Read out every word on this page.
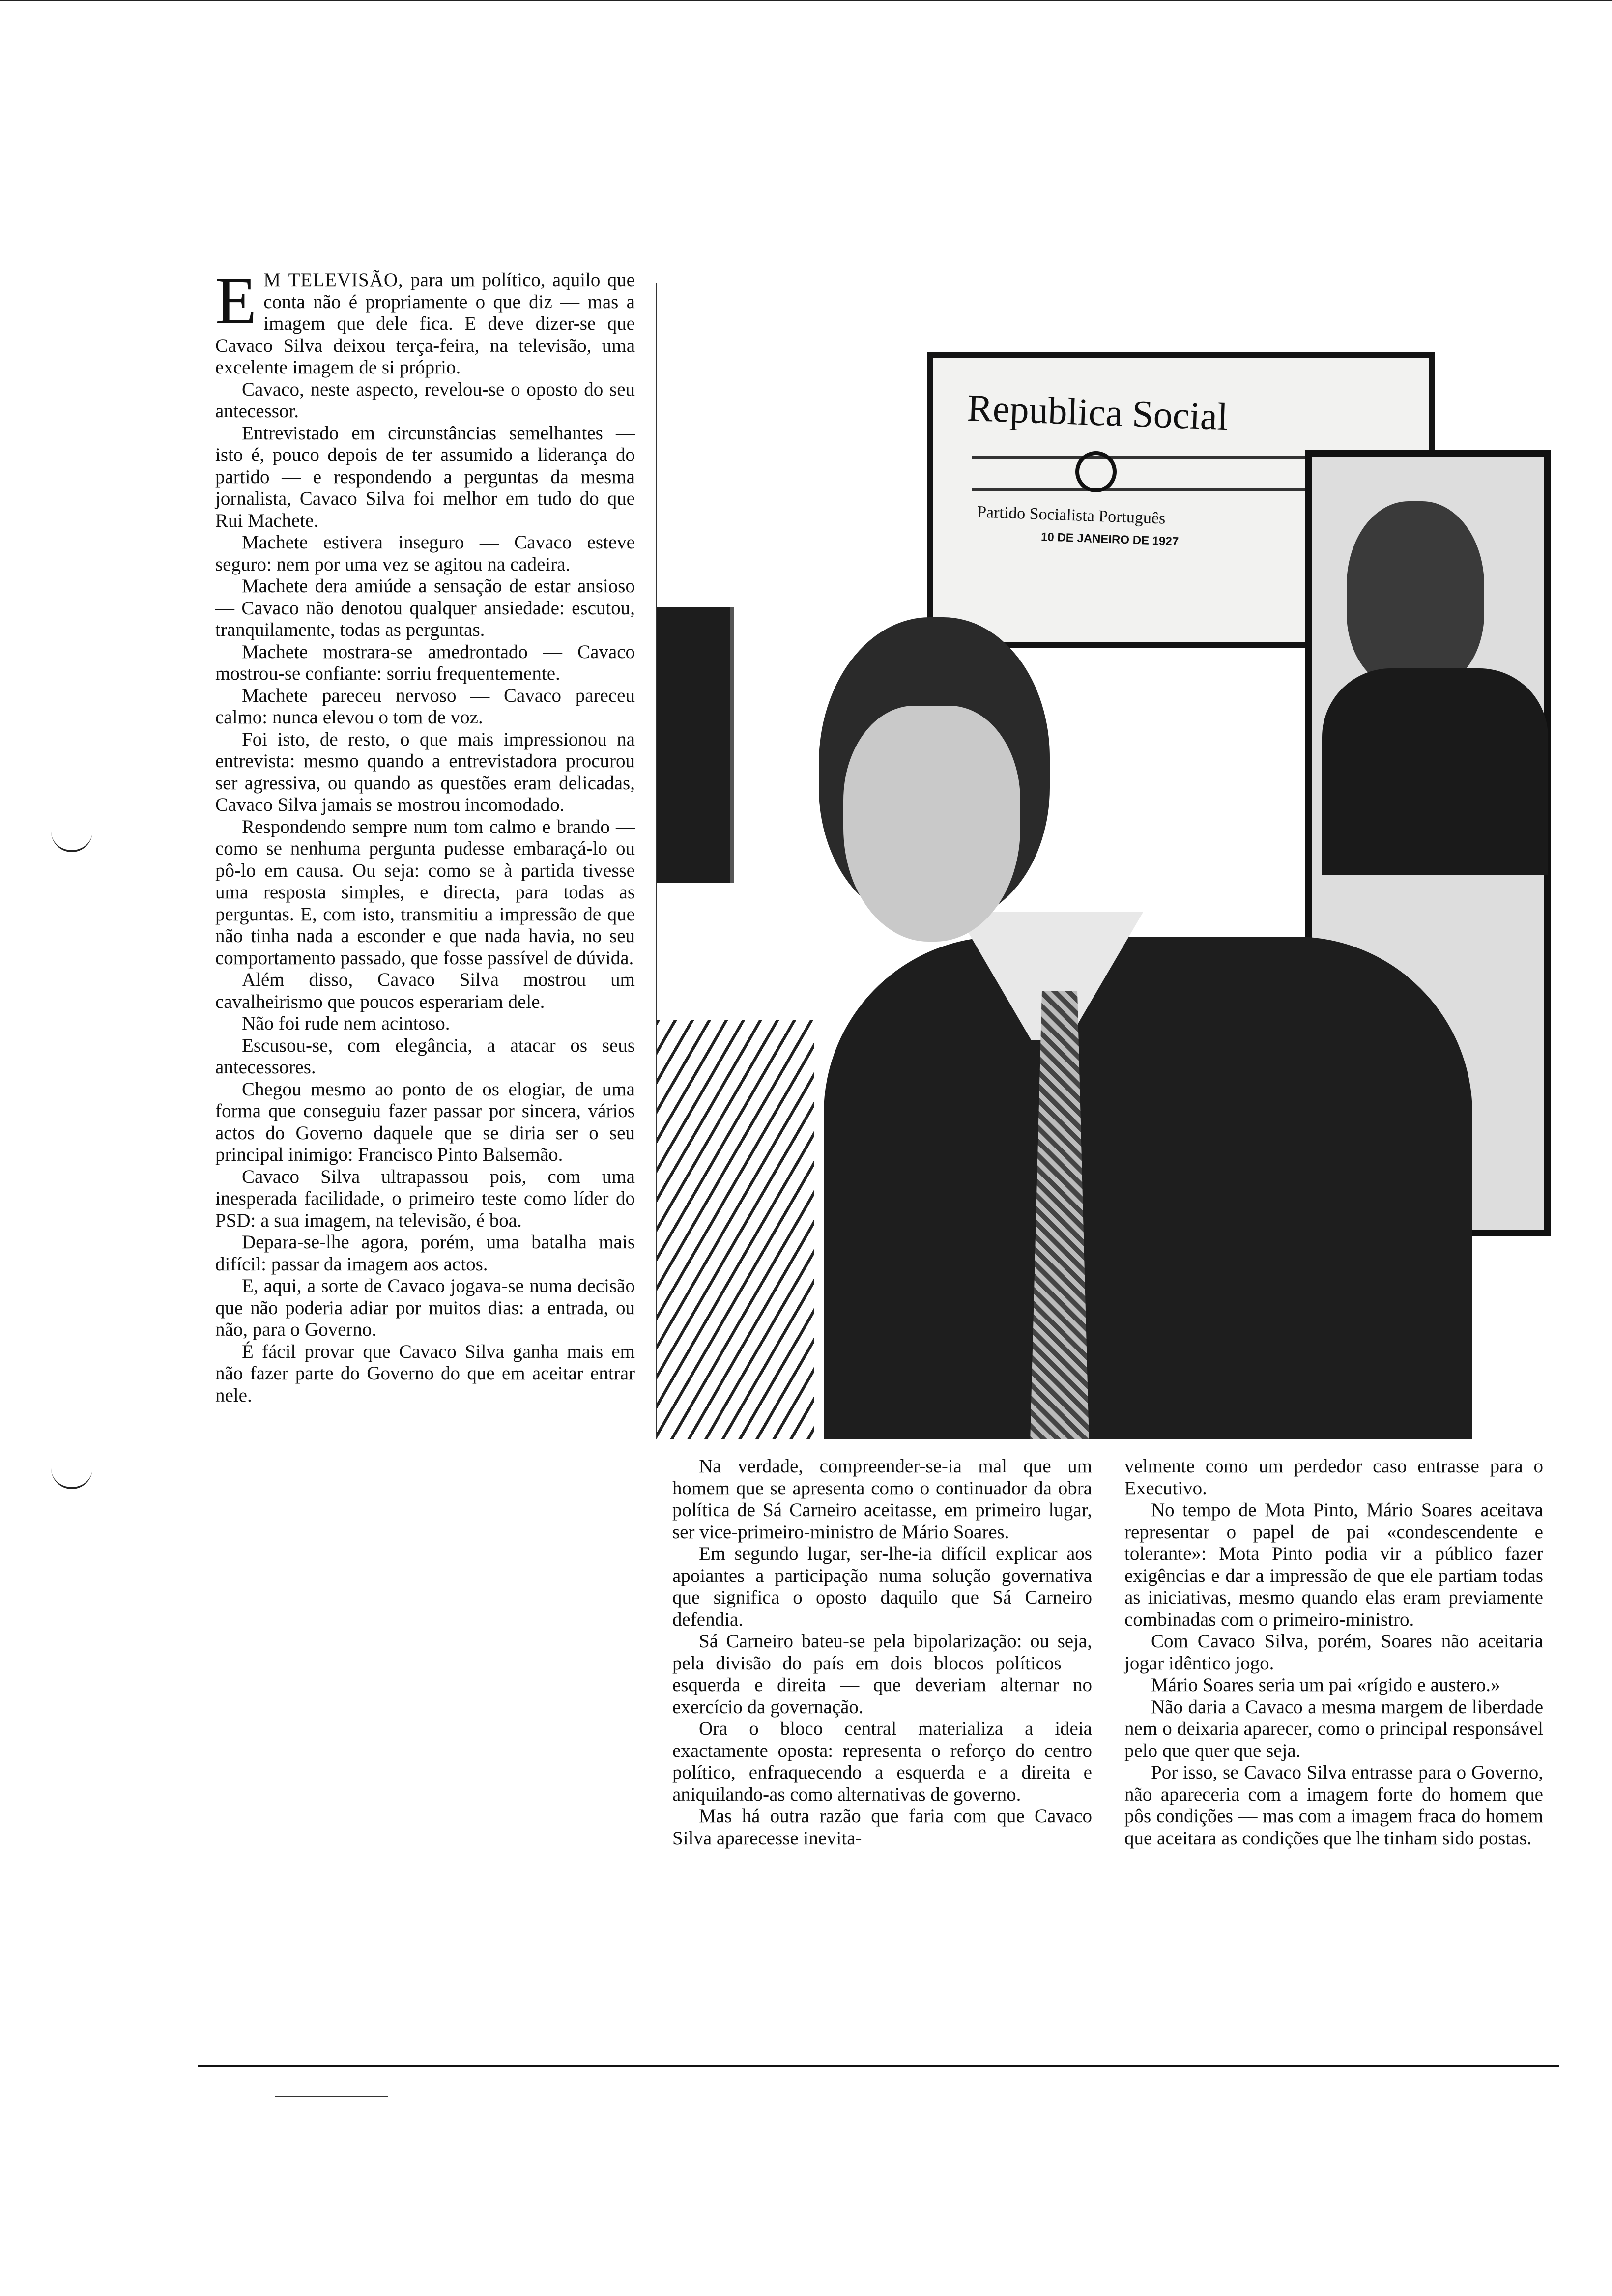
E M TELEVISÃO, para um político, aquilo que conta não é propriamente o que diz — mas a imagem que dele fica. E deve dizer-se que Cavaco Silva deixou terça-feira, na televisão, uma excelente imagem de si próprio.

Cavaco, neste aspecto, revelou-se o oposto do seu antecessor.

Entrevistado em circunstâncias semelhantes — isto é, pouco depois de ter assumido a liderança do partido — e respondendo a perguntas da mesma jornalista, Cavaco Silva foi melhor em tudo do que Rui Machete.

Machete estivera inseguro — Cavaco esteve seguro: nem por uma vez se agitou na cadeira.

Machete dera amiúde a sensação de estar ansioso — Cavaco não denotou qualquer ansiedade: escutou, tranquilamente, todas as perguntas.

Machete mostrara-se amedrontado — Cavaco mostrou-se confiante: sorriu frequentemente.

Machete pareceu nervoso — Cavaco pareceu calmo: nunca elevou o tom de voz.

Foi isto, de resto, o que mais impressionou na entrevista: mesmo quando a entrevistadora procurou ser agressiva, ou quando as questões eram delicadas, Cavaco Silva jamais se mostrou incomodado.

Respondendo sempre num tom calmo e brando — como se nenhuma pergunta pudesse embaraçá-lo ou pô-lo em causa. Ou seja: como se à partida tivesse uma resposta simples, e directa, para todas as perguntas. E, com isto, transmitiu a impressão de que não tinha nada a esconder e que nada havia, no seu comportamento passado, que fosse passível de dúvida.

Além disso, Cavaco Silva mostrou um cavalheirismo que poucos esperariam dele.

Não foi rude nem acintoso.

Escusou-se, com elegância, a atacar os seus antecessores.

Chegou mesmo ao ponto de os elogiar, de uma forma que conseguiu fazer passar por sincera, vários actos do Governo daquele que se diria ser o seu principal inimigo: Francisco Pinto Balsemão.

Cavaco Silva ultrapassou pois, com uma inesperada facilidade, o primeiro teste como líder do PSD: a sua imagem, na televisão, é boa.

Depara-se-lhe agora, porém, uma batalha mais difícil: passar da imagem aos actos.

E, aqui, a sorte de Cavaco jogava-se numa decisão que não poderia adiar por muitos dias: a entrada, ou não, para o Governo.

É fácil provar que Cavaco Silva ganha mais em não fazer parte do Governo do que em aceitar entrar nele.

Republica Social
Partido Socialista Português
10 DE JANEIRO DE 1927

Na verdade, compreender-se-ia mal que um homem que se apresenta como o continuador da obra política de Sá Carneiro aceitasse, em primeiro lugar, ser vice-primeiro-ministro de Mário Soares.

Em segundo lugar, ser-lhe-ia difícil explicar aos apoiantes a participação numa solução governativa que significa o oposto daquilo que Sá Carneiro defendia.

Sá Carneiro bateu-se pela bipolarização: ou seja, pela divisão do país em dois blocos políticos — esquerda e direita — que deveriam alternar no exercício da governação.

Ora o bloco central materializa a ideia exactamente oposta: representa o reforço do centro político, enfraquecendo a esquerda e a direita e aniquilando-as como alternativas de governo.

Mas há outra razão que faria com que Cavaco Silva aparecesse inevita-

velmente como um perdedor caso entrasse para o Executivo.

No tempo de Mota Pinto, Mário Soares aceitava representar o papel de pai «condescendente e tolerante»: Mota Pinto podia vir a público fazer exigências e dar a impressão de que ele partiam todas as iniciativas, mesmo quando elas eram previamente combinadas com o primeiro-ministro.

Com Cavaco Silva, porém, Soares não aceitaria jogar idêntico jogo.

Mário Soares seria um pai «rígido e austero.»

Não daria a Cavaco a mesma margem de liberdade nem o deixaria aparecer, como o principal responsável pelo que quer que seja.

Por isso, se Cavaco Silva entrasse para o Governo, não apareceria com a imagem forte do homem que pôs condições — mas com a imagem fraca do homem que aceitara as condições que lhe tinham sido postas.
